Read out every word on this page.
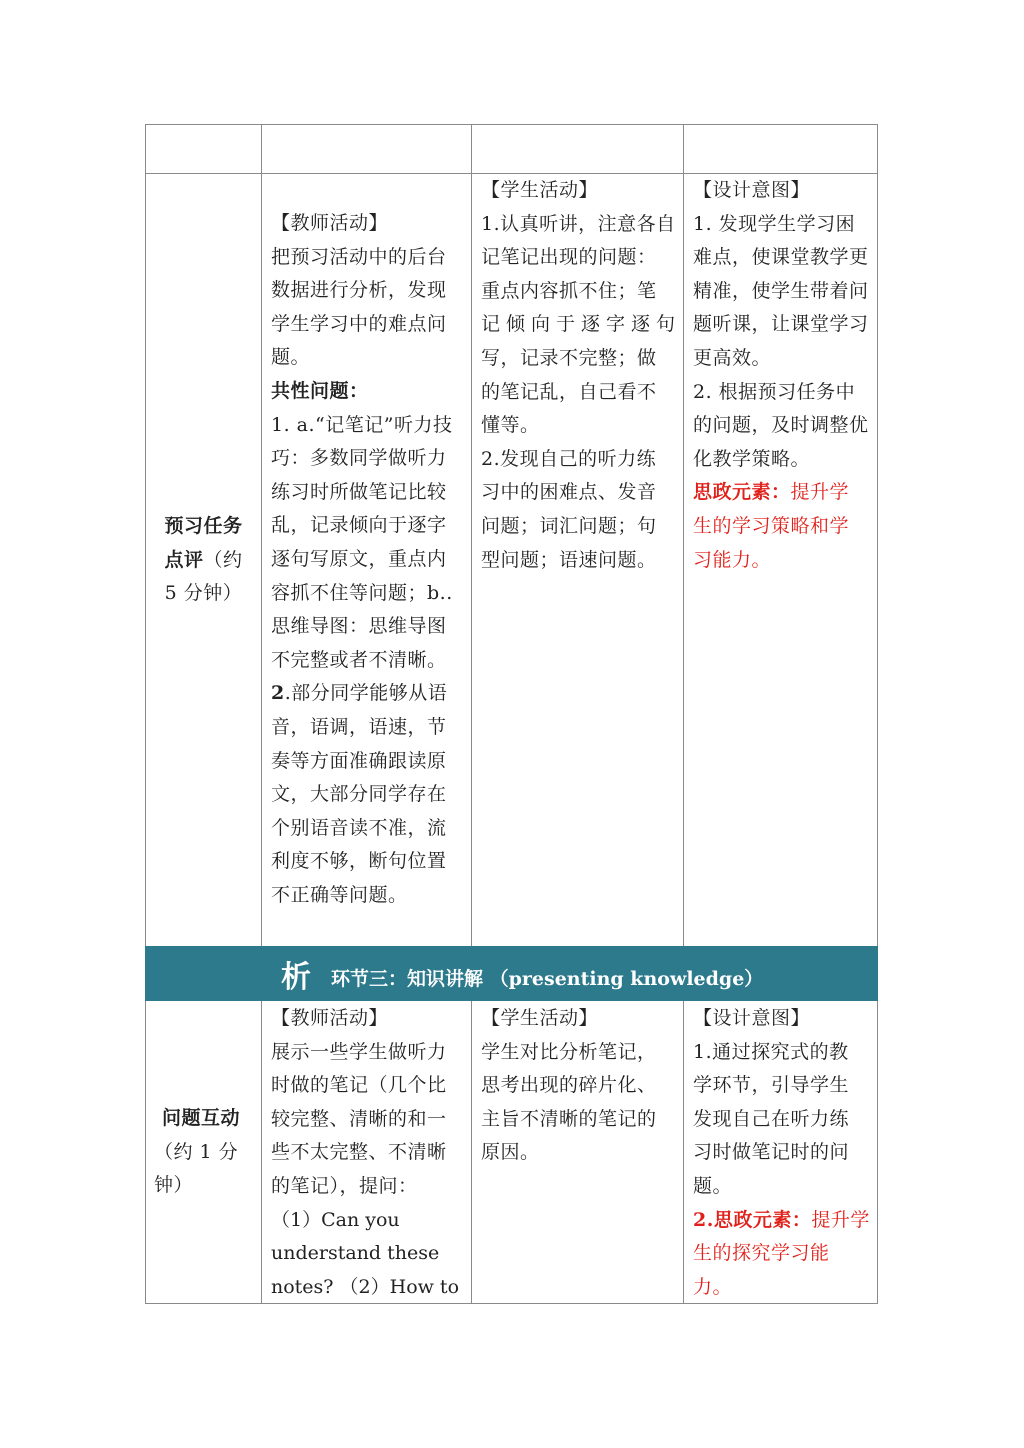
析 环节三：知识讲解 （presenting knowledge）
预习任务
点评（约
5 分钟）
【教师活动】
把预习活动中的后台
数据进行分析，发现
学生学习中的难点问
题。
共性问题：
1. a.“记笔记”听力技
巧：多数同学做听力
练习时所做笔记比较
乱，记录倾向于逐字
逐句写原文，重点内
容抓不住等问题；b..
思维导图：思维导图
不完整或者不清晰。
2.部分同学能够从语
音，语调，语速，节
奏等方面准确跟读原
文，大部分同学存在
个别语音读不准，流
利度不够，断句位置
不正确等问题。
【学生活动】
1.认真听讲，注意各自
记笔记出现的问题：
重点内容抓不住；笔
记倾向于逐字逐句
写，记录不完整；做
的笔记乱，自己看不
懂等。
2.发现自己的听力练
习中的困难点、发音
问题；词汇问题；句
型问题；语速问题。
【设计意图】
1. 发现学生学习困
难点，使课堂教学更
精准，使学生带着问
题听课，让课堂学习
更高效。
2. 根据预习任务中
的问题，及时调整优
化教学策略。
思政元素：提升学
生的学习策略和学
习能力。
问题互动
（约 1 分
钟）
【教师活动】
展示一些学生做听力
时做的笔记（几个比
较完整、清晰的和一
些不太完整、不清晰
的笔记），提问：
（1）Can you
understand these
notes? （2）How to
【学生活动】
学生对比分析笔记，
思考出现的碎片化、
主旨不清晰的笔记的
原因。
【设计意图】
1.通过探究式的教
学环节，引导学生
发现自己在听力练
习时做笔记时的问
题。
2.思政元素：提升学
生的探究学习能
力。
